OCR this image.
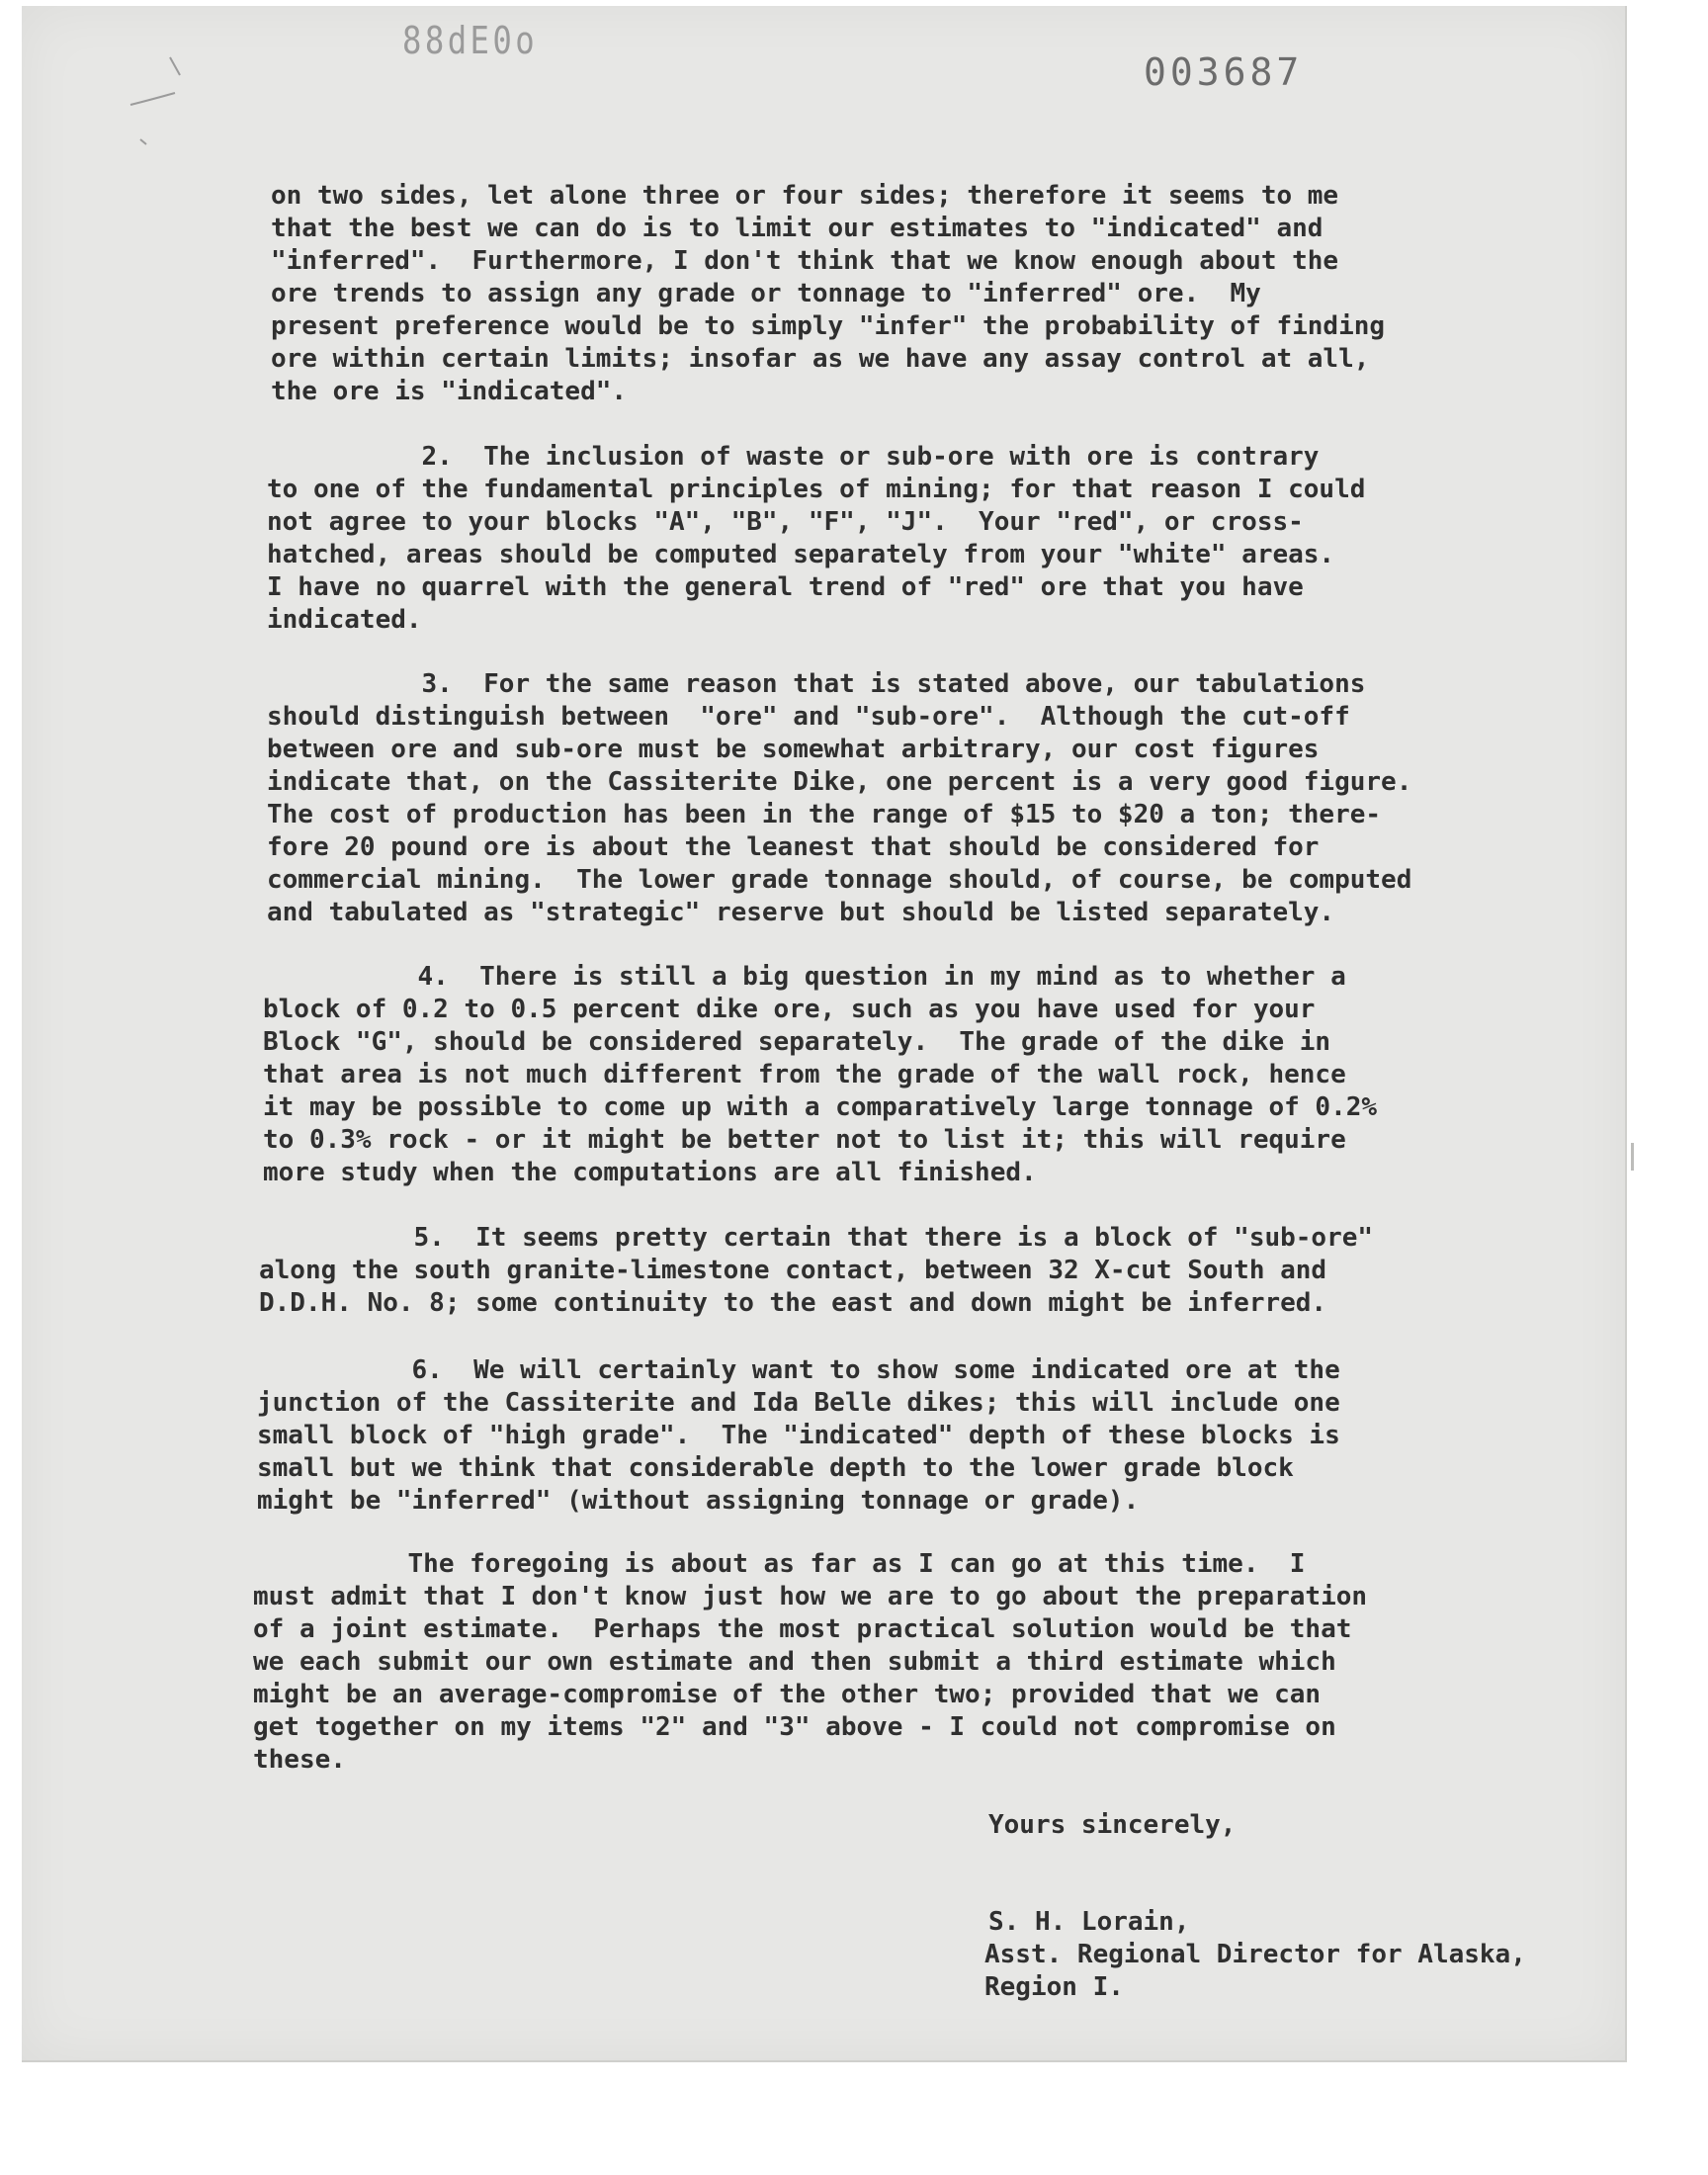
88dE0o
003687
on two sides, let alone three or four sides; therefore it seems to me
that the best we can do is to limit our estimates to "indicated" and
"inferred".  Furthermore, I don't think that we know enough about the
ore trends to assign any grade or tonnage to "inferred" ore.  My
present preference would be to simply "infer" the probability of finding
ore within certain limits; insofar as we have any assay control at all,
the ore is "indicated".
2.  The inclusion of waste or sub-ore with ore is contrary
to one of the fundamental principles of mining; for that reason I could
not agree to your blocks "A", "B", "F", "J".  Your "red", or cross-
hatched, areas should be computed separately from your "white" areas.
I have no quarrel with the general trend of "red" ore that you have
indicated.
3.  For the same reason that is stated above, our tabulations
should distinguish between  "ore" and "sub-ore".  Although the cut-off
between ore and sub-ore must be somewhat arbitrary, our cost figures
indicate that, on the Cassiterite Dike, one percent is a very good figure.
The cost of production has been in the range of $15 to $20 a ton; there-
fore 20 pound ore is about the leanest that should be considered for
commercial mining.  The lower grade tonnage should, of course, be computed
and tabulated as "strategic" reserve but should be listed separately.
4.  There is still a big question in my mind as to whether a
block of 0.2 to 0.5 percent dike ore, such as you have used for your
Block "G", should be considered separately.  The grade of the dike in
that area is not much different from the grade of the wall rock, hence
it may be possible to come up with a comparatively large tonnage of 0.2%
to 0.3% rock - or it might be better not to list it; this will require
more study when the computations are all finished.
5.  It seems pretty certain that there is a block of "sub-ore"
along the south granite-limestone contact, between 32 X-cut South and
D.D.H. No. 8; some continuity to the east and down might be inferred.
6.  We will certainly want to show some indicated ore at the
junction of the Cassiterite and Ida Belle dikes; this will include one
small block of "high grade".  The "indicated" depth of these blocks is
small but we think that considerable depth to the lower grade block
might be "inferred" (without assigning tonnage or grade).
The foregoing is about as far as I can go at this time.  I
must admit that I don't know just how we are to go about the preparation
of a joint estimate.  Perhaps the most practical solution would be that
we each submit our own estimate and then submit a third estimate which
might be an average-compromise of the other two; provided that we can
get together on my items "2" and "3" above - I could not compromise on
these.
Yours sincerely,
S. H. Lorain,
Asst. Regional Director for Alaska,
Region I.
